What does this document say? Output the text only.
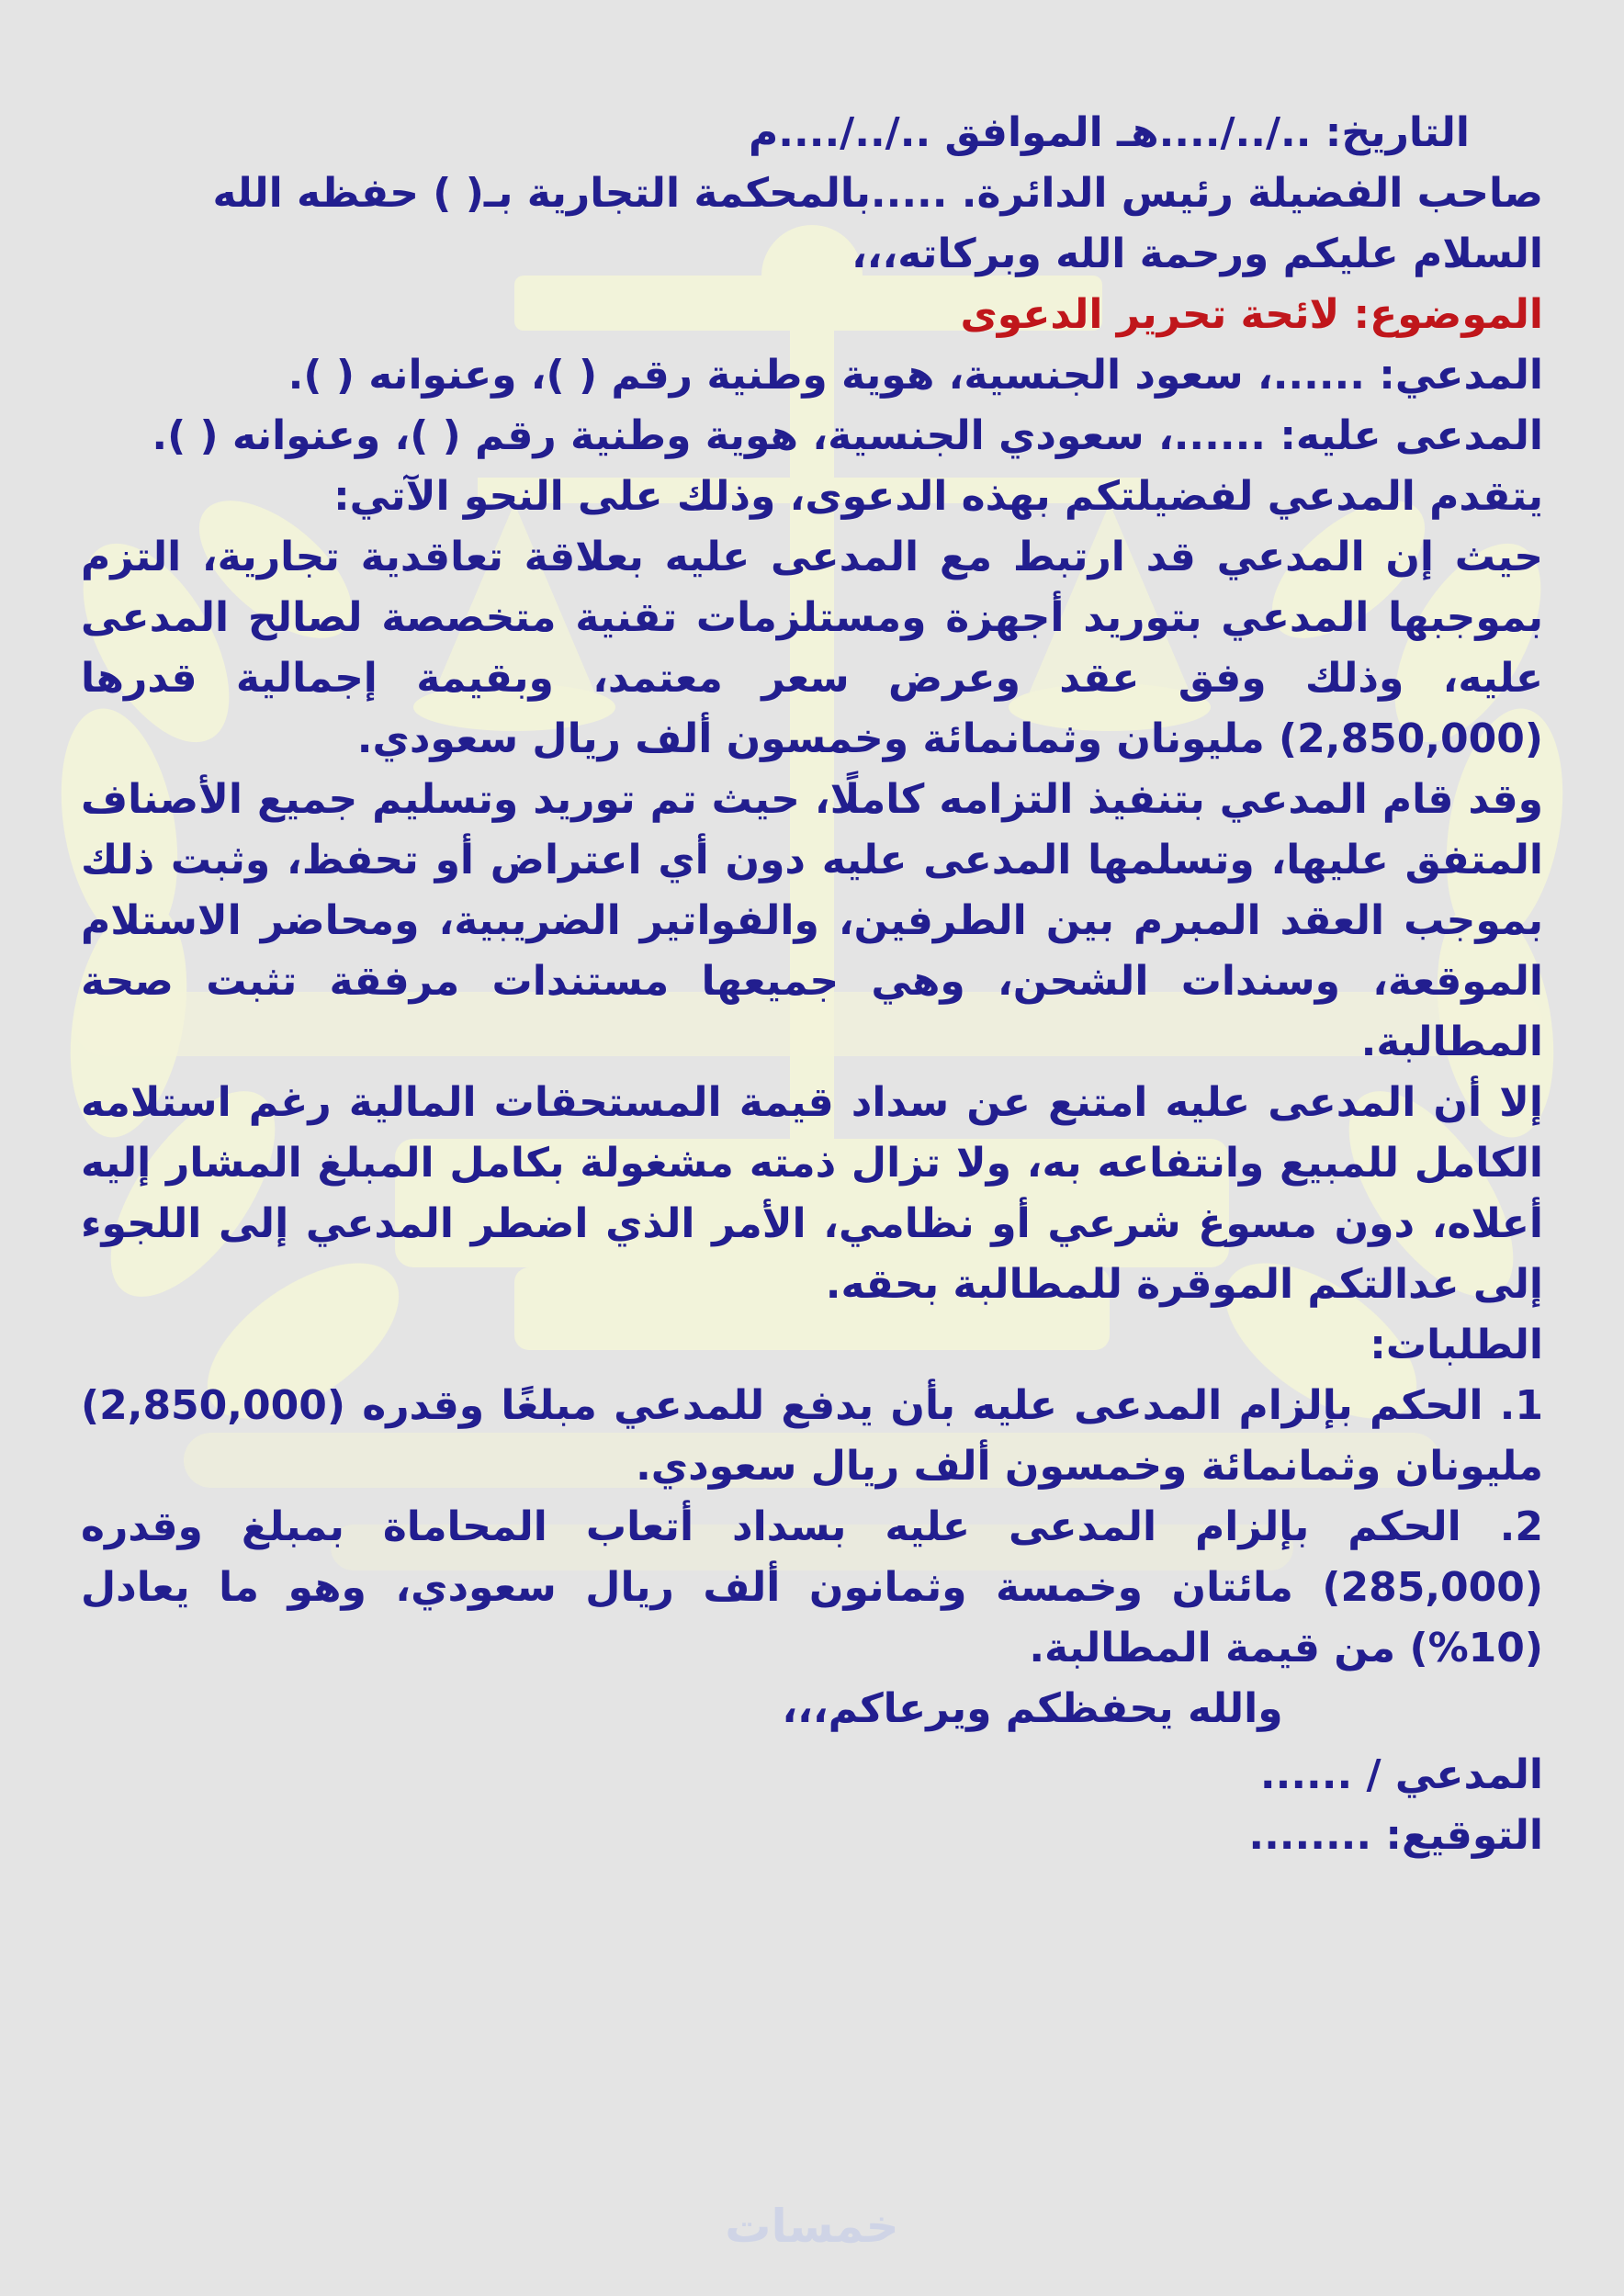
التاريخ: ../../....هـ الموافق ../../....م

صاحب الفضيلة رئيس الدائرة. .....بالمحكمة التجارية بـ( ) حفظه الله

السلام عليكم ورحمة الله وبركاته،،،

الموضوع: لائحة تحرير الدعوى

المدعي: ......، سعود الجنسية، هوية وطنية رقم ( )، وعنوانه ( ).

المدعى عليه: ......، سعودي الجنسية، هوية وطنية رقم ( )، وعنوانه ( ).

يتقدم المدعي لفضيلتكم بهذه الدعوى، وذلك على النحو الآتي:

حيث إن المدعي قد ارتبط مع المدعى عليه بعلاقة تعاقدية تجارية، التزم بموجبها المدعي بتوريد أجهزة ومستلزمات تقنية متخصصة لصالح المدعى عليه، وذلك وفق عقد وعرض سعر معتمد، وبقيمة إجمالية قدرها (2,850,000) مليونان وثمانمائة وخمسون ألف ريال سعودي.

وقد قام المدعي بتنفيذ التزامه كاملًا، حيث تم توريد وتسليم جميع الأصناف المتفق عليها، وتسلمها المدعى عليه دون أي اعتراض أو تحفظ، وثبت ذلك بموجب العقد المبرم بين الطرفين، والفواتير الضريبية، ومحاضر الاستلام الموقعة، وسندات الشحن، وهي جميعها مستندات مرفقة تثبت صحة المطالبة.

إلا أن المدعى عليه امتنع عن سداد قيمة المستحقات المالية رغم استلامه الكامل للمبيع وانتفاعه به، ولا تزال ذمته مشغولة بكامل المبلغ المشار إليه أعلاه، دون مسوغ شرعي أو نظامي، الأمر الذي اضطر المدعي إلى اللجوء إلى عدالتكم الموقرة للمطالبة بحقه.

الطلبات:

1. الحكم بإلزام المدعى عليه بأن يدفع للمدعي مبلغًا وقدره (2,850,000) مليونان وثمانمائة وخمسون ألف ريال سعودي.

2. الحكم بإلزام المدعى عليه بسداد أتعاب المحاماة بمبلغ وقدره (285,000) مائتان وخمسة وثمانون ألف ريال سعودي، وهو ما يعادل (10%) من قيمة المطالبة.

والله يحفظكم ويرعاكم،،،

المدعي / ......

التوقيع: ........

خمسات
